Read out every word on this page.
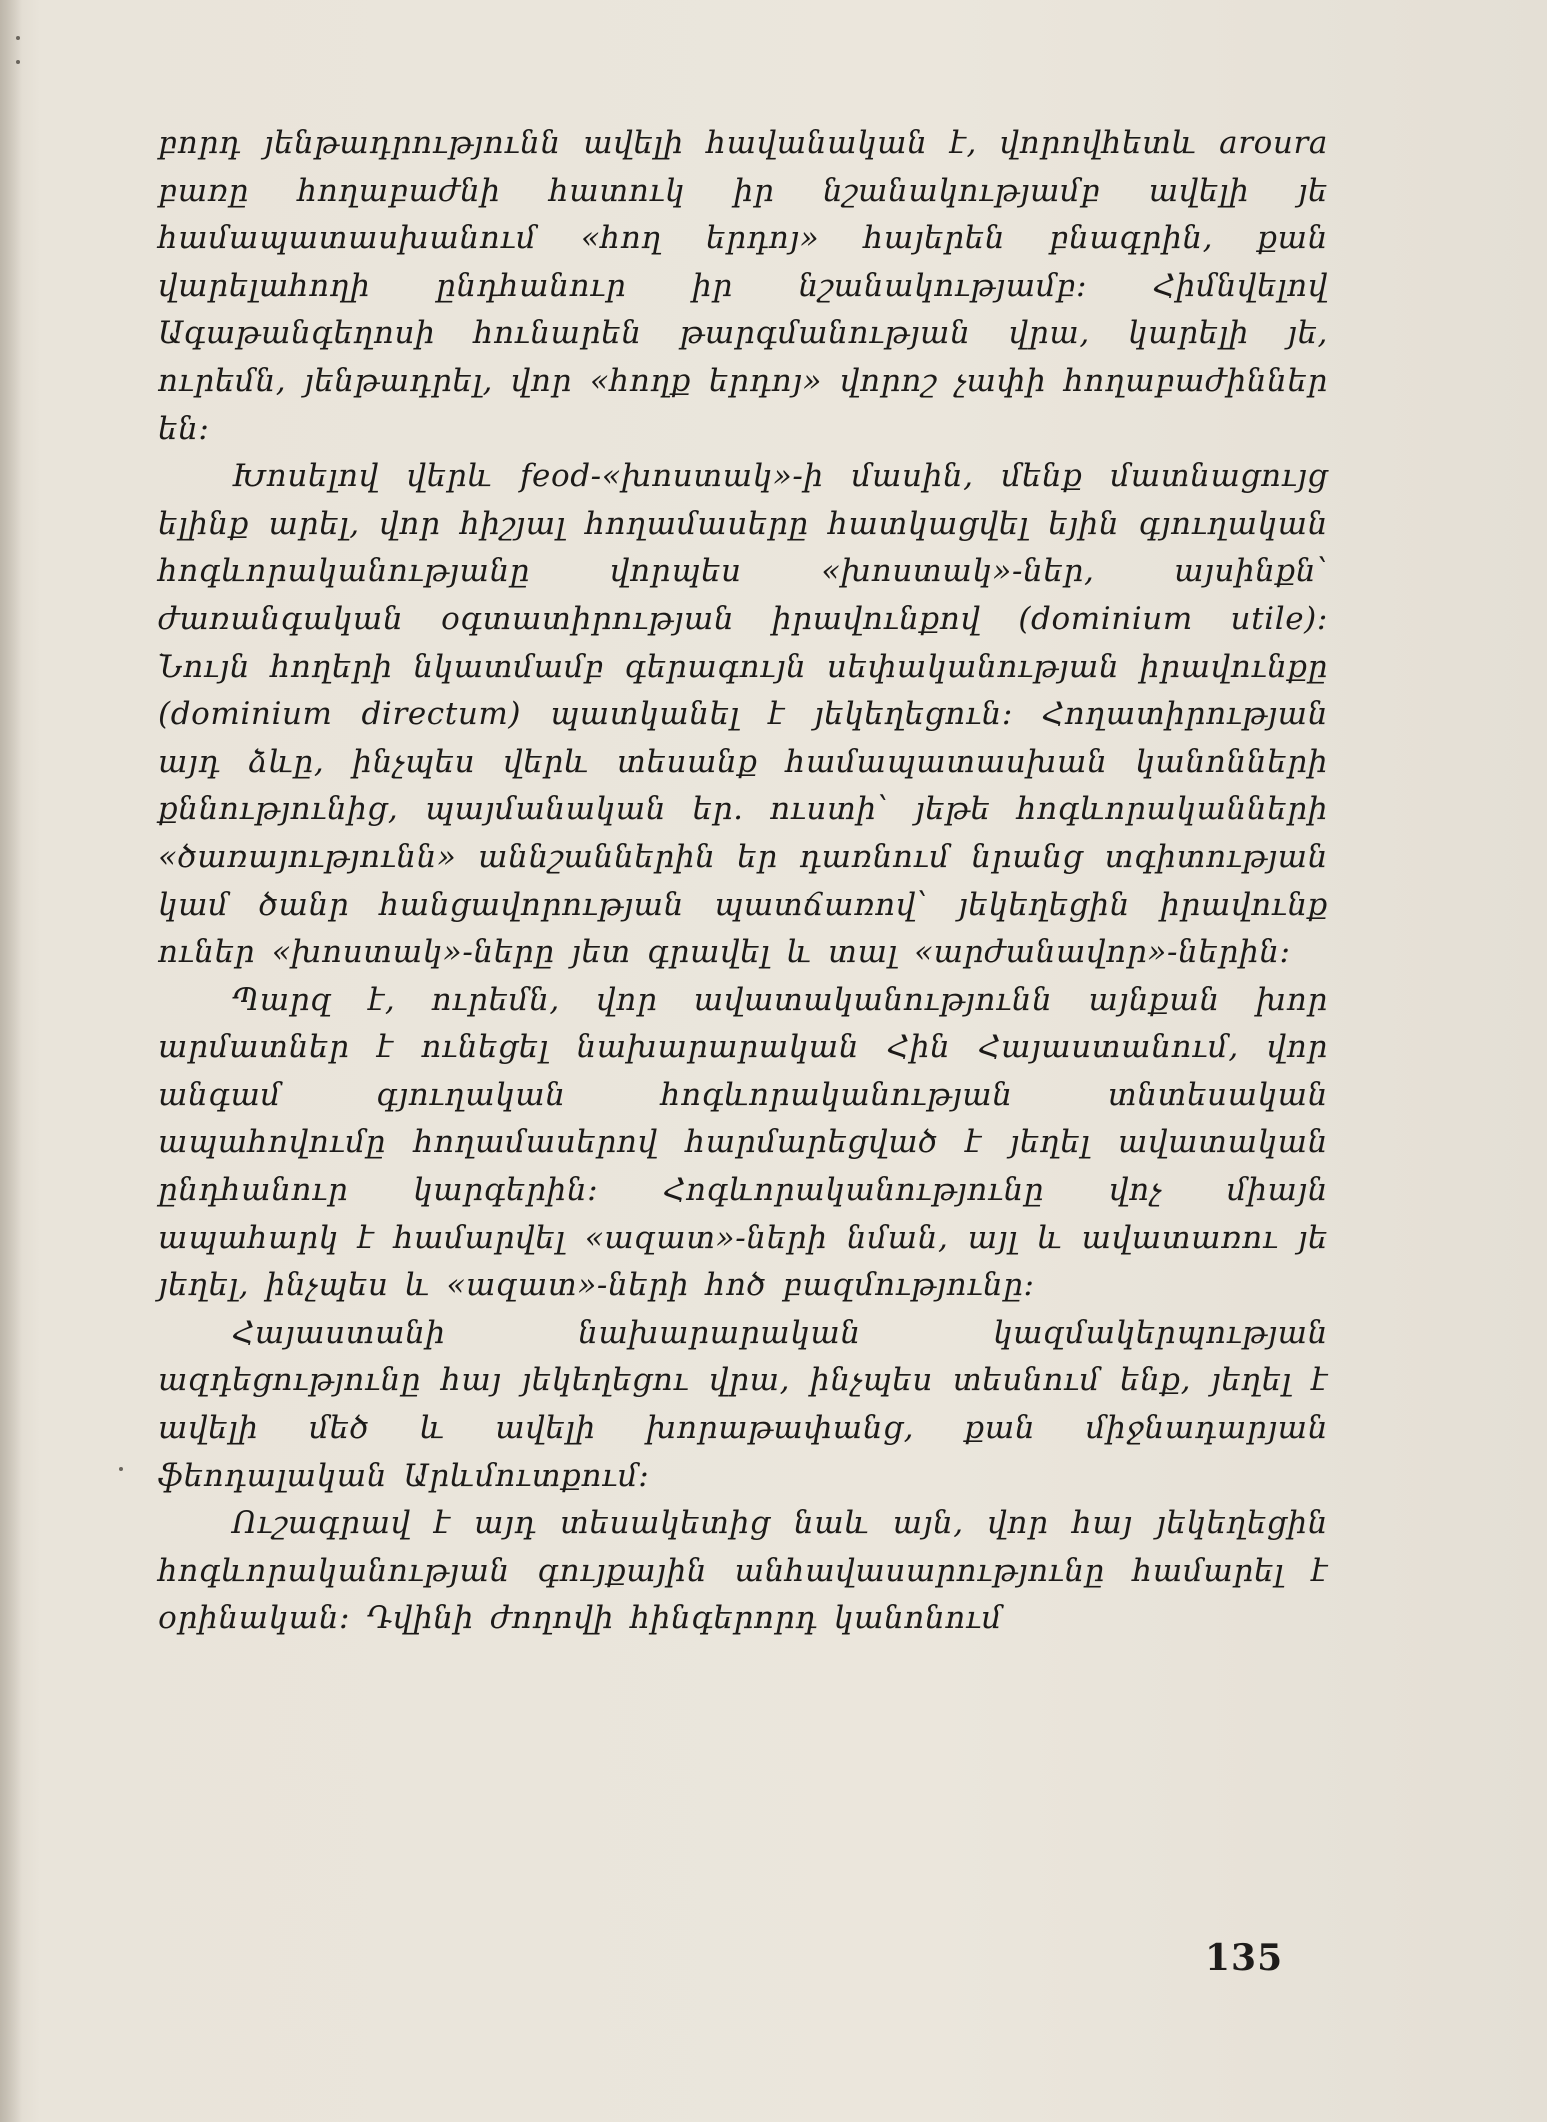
բորդ յենթադրությունն ավելի հավանական է, վորովհետև aroura բառը հողաբաժնի հատուկ իր նշանակությամբ ավելի յե համապատասխանում «հող երդոյ» հայերեն բնագրին, քան վարելահողի ընդհանուր իր նշանակությամբ։ Հիմնվելով Ագաթանգեղոսի հունարեն թարգմանության վրա, կարելի յե, ուրեմն, յենթադրել, վոր «հողք երդոյ» վորոշ չափի հողաբաժիններ են։

Խոսելով վերև feod-«խոստակ»-ի մասին, մենք մատնացույց ելինք արել, վոր հիշյալ հողամասերը հատկացվել եյին գյուղական հոգևորականությանը վորպես «խոստակ»-ներ, այսինքն՝ ժառանգական օգտատիրության իրավունքով (dominium utile)։ Նույն հողերի նկատմամբ գերագույն սեփականության իրավունքը (dominium directum) պատկանել է յեկեղեցուն։ Հողատիրության այդ ձևը, ինչպես վերև տեսանք համապատասխան կանոնների քննությունից, պայմանական եր. ուստի՝ յեթե հոգևորականների «ծառայությունն» աննշաններին եր դառնում նրանց տգիտության կամ ծանր հանցավորության պատճառով՝ յեկեղեցին իրավունք ուներ «խոստակ»-ները յետ գրավել և տալ «արժանավոր»-ներին։

Պարզ է, ուրեմն, վոր ավատականությունն այնքան խոր արմատներ է ունեցել նախարարական Հին Հայաստանում, վոր անգամ գյուղական հոգևորականության տնտեսական ապահովումը հողամասերով հարմարեցված է յեղել ավատական ընդհանուր կարգերին։ Հոգևորականությունը վոչ միայն ապահարկ է համարվել «ազատ»-ների նման, այլ և ավատառու յե յեղել, ինչպես և «ազատ»-ների հոծ բազմությունը։

Հայաստանի նախարարական կազմակերպության ազդեցությունը հայ յեկեղեցու վրա, ինչպես տեսնում ենք, յեղել է ավելի մեծ և ավելի խորաթափանց, քան միջնադարյան ֆեոդալական Արևմուտքում։

Ուշագրավ է այդ տեսակետից նաև այն, վոր հայ յեկեղեցին հոգևորականության գույքային անհավասարությունը համարել է օրինական։ Դվինի ժողովի հինգերորդ կանոնում

135
